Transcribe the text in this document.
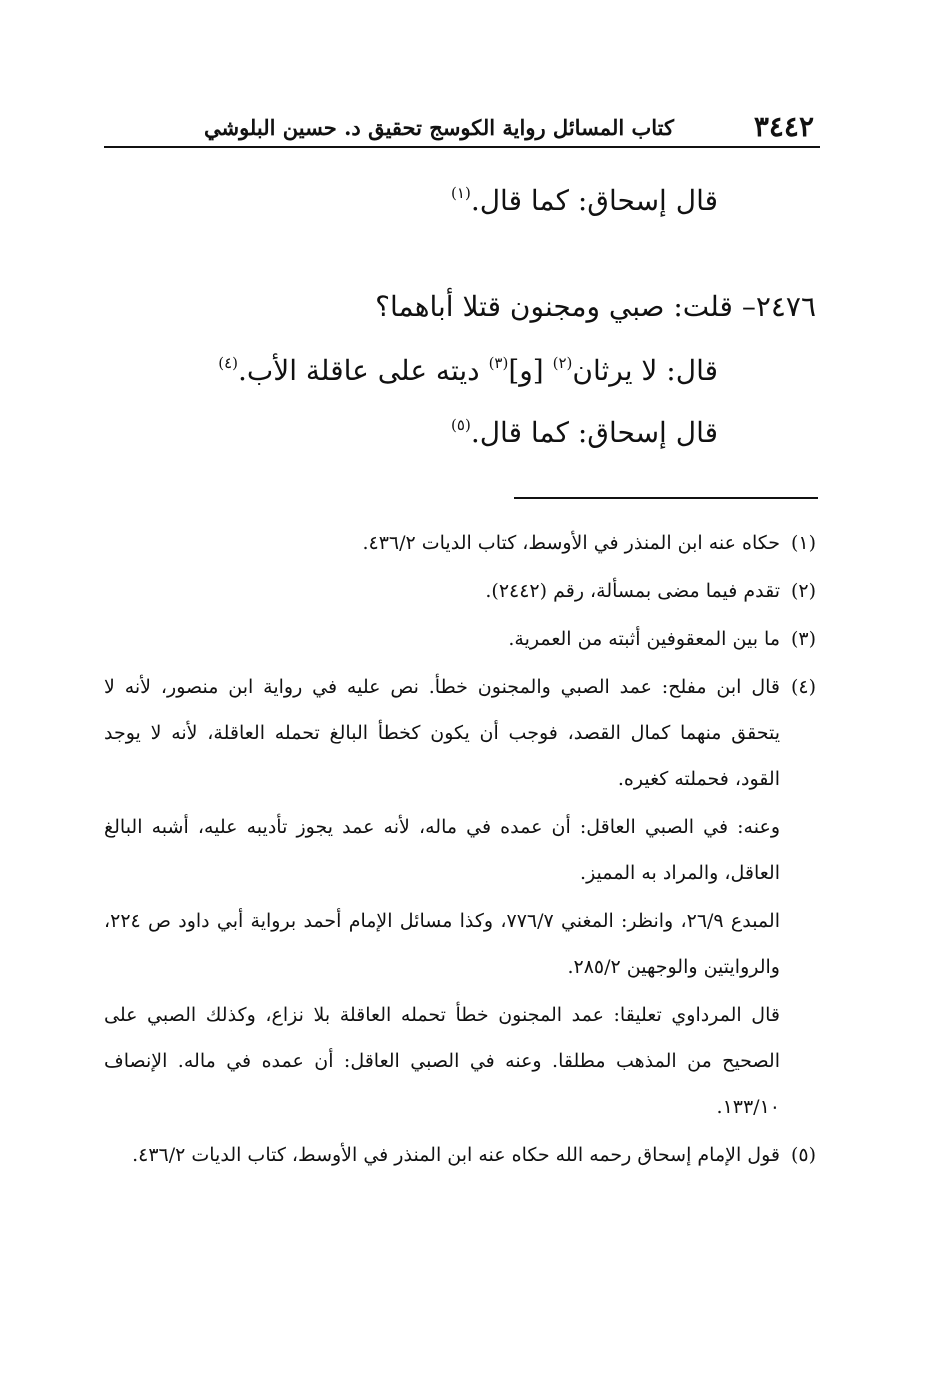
٣٤٤٢
كتاب المسائل رواية الكوسج تحقيق د. حسين البلوشي
قال إسحاق: كما قال.$^{(١)}$
٢٤٧٦– قلت: صبي ومجنون قتلا أباهما؟
قال: لا يرثان$^{(٢)}$ [و]$^{(٣)}$ ديته على عاقلة الأب.$^{(٤)}$
قال إسحاق: كما قال.$^{(٥)}$
(١)
حكاه عنه ابن المنذر في الأوسط، كتاب الديات ٤٣٦/٢.
(٢)
تقدم فيما مضى بمسألة، رقم (٢٤٤٢).
(٣)
ما بين المعقوفين أثبته من العمرية.
(٤)
قال ابن مفلح: عمد الصبي والمجنون خطأ. نص عليه في رواية ابن منصور، لأنه لا يتحقق منهما كمال القصد، فوجب أن يكون كخطأ البالغ تحمله العاقلة، لأنه لا يوجد القود، فحملته كغيره.
وعنه: في الصبي العاقل: أن عمده في ماله، لأنه عمد يجوز تأديبه عليه، أشبه البالغ العاقل، والمراد به المميز.
المبدع ٢٦/٩، وانظر: المغني ٧٧٦/٧، وكذا مسائل الإمام أحمد برواية أبي داود ص ٢٢٤، والروايتين والوجهين ٢٨٥/٢.
قال المرداوي تعليقا: عمد المجنون خطأ تحمله العاقلة بلا نزاع، وكذلك الصبي على الصحيح من المذهب مطلقا. وعنه في الصبي العاقل: أن عمده في ماله. الإنصاف ١٣٣/١٠.
(٥)
قول الإمام إسحاق رحمه الله حكاه عنه ابن المنذر في الأوسط، كتاب الديات ٤٣٦/٢.
